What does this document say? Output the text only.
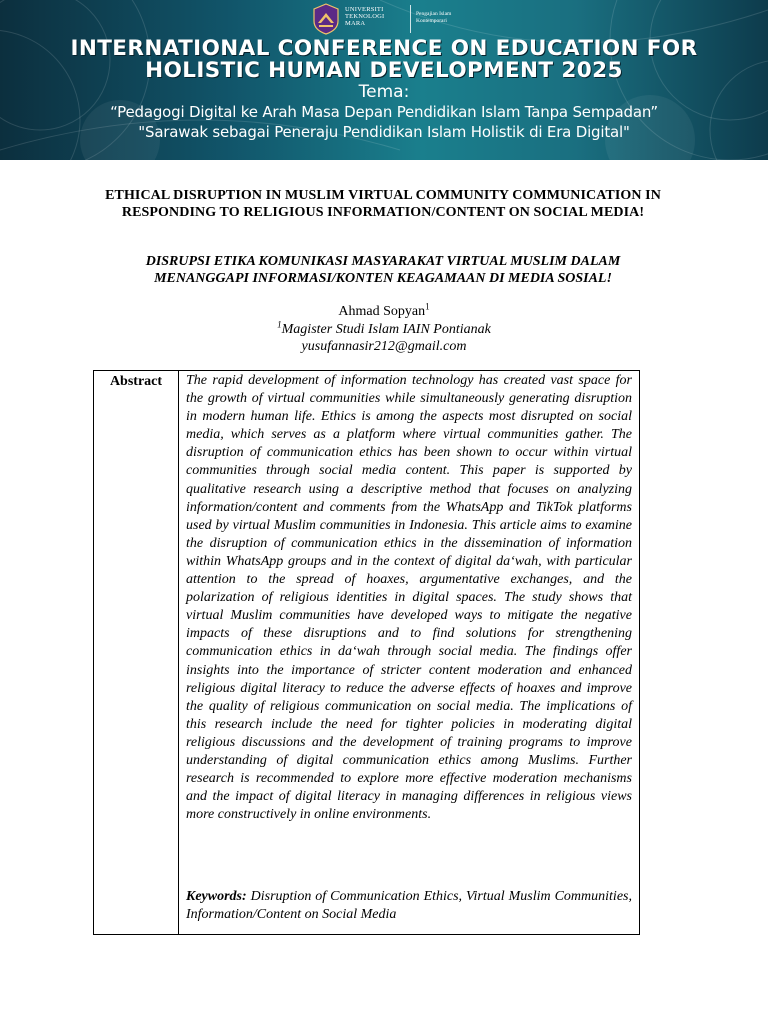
UNIVERSITI
TEKNOLOGI
MARA
Pengajian Islam
Kontemporari
INTERNATIONAL CONFERENCE ON EDUCATION FOR
HOLISTIC HUMAN DEVELOPMENT 2025
Tema:
“Pedagogi Digital ke Arah Masa Depan Pendidikan Islam Tanpa Sempadan”
"Sarawak sebagai Peneraju Pendidikan Islam Holistik di Era Digital"
ETHICAL DISRUPTION IN MUSLIM VIRTUAL COMMUNITY COMMUNICATION IN RESPONDING TO RELIGIOUS INFORMATION/CONTENT ON SOCIAL MEDIA!
DISRUPSI ETIKA KOMUNIKASI MASYARAKAT VIRTUAL MUSLIM DALAM MENANGGAPI INFORMASI/KONTEN KEAGAMAAN DI MEDIA SOSIAL!
Ahmad Sopyan$^1$
$^1$Magister Studi Islam IAIN Pontianak
yusufannasir212@gmail.com
Abstract	The rapid development of information technology has created vast space for the growth of virtual communities while simultaneously generating disruption in modern human life. Ethics is among the aspects most disrupted on social media, which serves as a platform where virtual communities gather. The disruption of communication ethics has been shown to occur within virtual communities through social media content. This paper is supported by qualitative research using a descriptive method that focuses on analyzing information/content and comments from the WhatsApp and TikTok platforms used by virtual Muslim communities in Indonesia. This article aims to examine the disruption of communication ethics in the dissemination of information within WhatsApp groups and in the context of digital da‘wah, with particular attention to the spread of hoaxes, argumentative exchanges, and the polarization of religious identities in digital spaces. The study shows that virtual Muslim communities have developed ways to mitigate the negative impacts of these disruptions and to find solutions for strengthening communication ethics in da‘wah through social media. The findings offer insights into the importance of stricter content moderation and enhanced religious digital literacy to reduce the adverse effects of hoaxes and improve the quality of religious communication on social media. The implications of this research include the need for tighter policies in moderating digital religious discussions and the development of training programs to improve understanding of digital communication ethics among Muslims. Further research is recommended to explore more effective moderation mechanisms and the impact of digital literacy in managing differences in religious views more constructively in online environments.
Keywords: Disruption of Communication Ethics, Virtual Muslim Communities, Information/Content on Social Media
